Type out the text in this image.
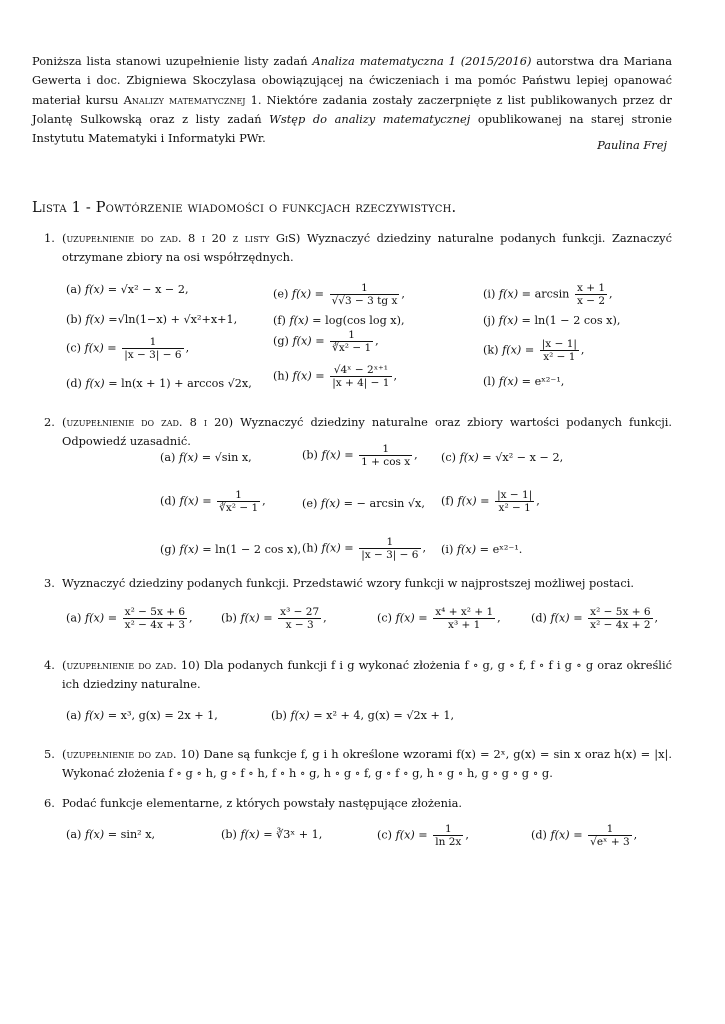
Poniższa lista stanowi uzupełnienie listy zadań Analiza matematyczna 1 (2015/2016) autorstwa dra Mariana Gewerta i doc. Zbigniewa Skoczylasa obowiązującej na ćwiczeniach i ma pomóc Państwu lepiej opanować materiał kursu Analizy matematycznej 1. Niektóre zadania zostały zaczerpnięte z list publikowanych przez dr Jolantę Sulkowską oraz z listy zadań Wstęp do analizy matematycznej opublikowanej na starej stronie Instytutu Matematyki i Informatyki PWr.	Paulina Frej
Lista 1 - Powtórzenie wiadomości o funkcjach rzeczywistych.
1. (uzupełnienie do zad. 8 i 20 z listy GiS) Wyznaczyć dziedziny naturalne podanych funkcji. Zaznaczyć otrzymane zbiory na osi współrzędnych.
(a) f(x) = √x² − x − 2,
(b) f(x) =√ln(1−x) + √x²+x+1,
(c) $f(x) = \frac{1}{|x - 3| - 6}$ ,
(d) f(x) = ln(x + 1) + arccos √2x,
(e) $f(x) = \frac{1}{\text{√√3 − 3 tg x}}$ ,
(f) f(x) = log(cos log x),
(g) $f(x) = \frac{1}{\text{∛x² − 1}}$ ,
(h) $f(x) = \frac{\text{√4ˣ − 2ˣ⁺¹}}{|x + 4| - 1}$ ,
(i) $f(x) = \arcsin \frac{x + 1}{x - 2}$ ,
(j) f(x) = ln(1 − 2 cos x),
(k) $f(x) = \frac{|x - 1|}{\text{x² − 1}}$ ,
(l) f(x) = eˣ²⁻¹,
2. (uzupełnienie do zad. 8 i 20) Wyznaczyć dziedziny naturalne oraz zbiory wartości podanych funkcji. Odpowiedź uzasadnić.
(a) f(x) = √sin x,	(b) $f(x) = \frac{1}{\text{1 + cos x}}$ , (c) f(x) = √x² − x − 2,
(d) $f(x) = \frac{1}{\text{∛x² − 1}}$ ,	(e) f(x) = − arcsin √x, (f) $f(x) = \frac{|x - 1|}{\text{x² − 1}}$ ,
(g) f(x) = ln(1 − 2 cos x), (h) $f(x) = \frac{1}{|x - 3| - 6}$ , (i) f(x) = eˣ²⁻¹.
3. Wyznaczyć dziedziny podanych funkcji. Przedstawić wzory funkcji w najprostszej możliwej postaci.
(a) $f(x) = \frac{\text{x² − 5x + 6}}{\text{x² − 4x + 3}}$ ,	(b) $f(x) = \frac{\text{x³ − 27}}{x - 3}$ ,	(c) $f(x) = \frac{\text{x⁴ + x² + 1}}{\text{x³ + 1}}$ ,	(d) $f(x) = \frac{\text{x² − 5x + 6}}{\text{x² − 4x + 2}}$ ,
4. (uzupełnienie do zad. 10) Dla podanych funkcji f i g wykonać złożenia f ∘ g, g ∘ f, f ∘ f i g ∘ g oraz określić ich dziedziny naturalne.
(a) f(x) = x³, g(x) = 2x + 1,	(b) f(x) = x² + 4, g(x) = √2x + 1,
5. (uzupełnienie do zad. 10) Dane są funkcje f, g i h określone wzorami f(x) = 2ˣ, g(x) = sin x oraz h(x) = |x|. Wykonać złożenia f ∘ g ∘ h, g ∘ f ∘ h, f ∘ h ∘ g, h ∘ g ∘ f, g ∘ f ∘ g, h ∘ g ∘ h, g ∘ g ∘ g ∘ g.
6. Podać funkcje elementarne, z których powstały następujące złożenia.
(a) f(x) = sin² x,	(b) f(x) = ∛3ˣ + 1,	(c) $f(x) = \frac{1}{\ln 2x}$ ,	(d) $f(x) = \frac{1}{\text{√eˣ + 3}}$ ,
